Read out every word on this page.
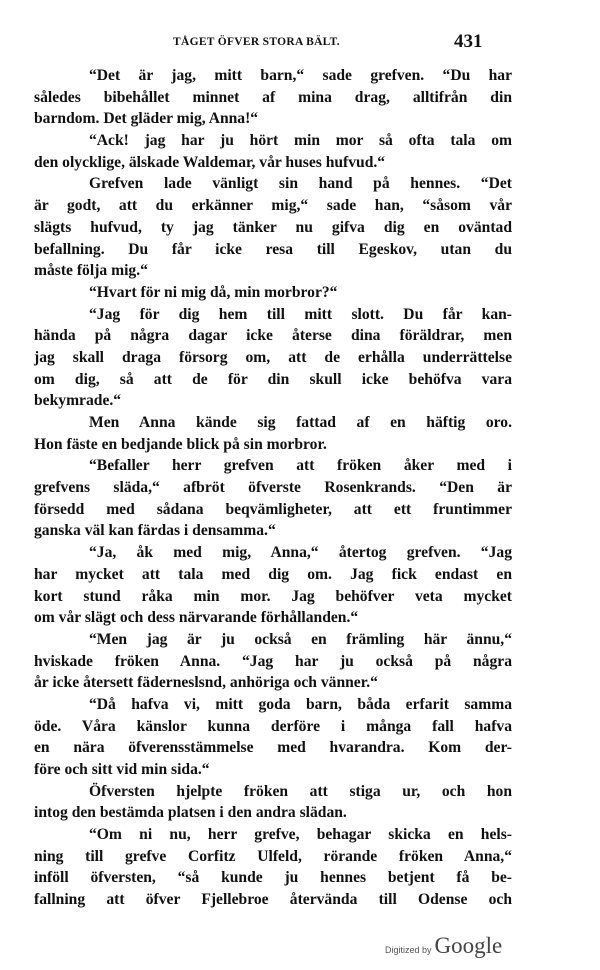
TÅGET ÖFVER STORA BÄLT.	431
“Det är jag, mitt barn,“ sade grefven. “Du har
således bibehållet minnet af mina drag, alltifrån din
barndom. Det gläder mig, Anna!“
“Ack! jag har ju hört min mor så ofta tala om
den olycklige, älskade Waldemar, vår huses hufvud.“
Grefven lade vänligt sin hand på hennes. “Det
är godt, att du erkänner mig,“ sade han, “såsom vår
slägts hufvud, ty jag tänker nu gifva dig en oväntad
befallning. Du får icke resa till Egeskov, utan du
måste följa mig.“
“Hvart för ni mig då, min morbror?“
“Jag för dig hem till mitt slott. Du får kan-
hända på några dagar icke återse dina föräldrar, men
jag skall draga försorg om, att de erhålla underrättelse
om dig, så att de för din skull icke behöfva vara
bekymrade.“
Men Anna kände sig fattad af en häftig oro.
Hon fäste en bedjande blick på sin morbror.
“Befaller herr grefven att fröken åker med i
grefvens släda,“ afbröt öfverste Rosenkrands. “Den är
försedd med sådana beqvämligheter, att ett fruntimmer
ganska väl kan färdas i densamma.“
“Ja, åk med mig, Anna,“ återtog grefven. “Jag
har mycket att tala med dig om. Jag fick endast en
kort stund råka min mor. Jag behöfver veta mycket
om vår slägt och dess närvarande förhållanden.“
“Men jag är ju också en främling här ännu,“
hviskade fröken Anna. “Jag har ju också på några
år icke återsett fäderneslsnd, anhöriga och vänner.“
“Då hafva vi, mitt goda barn, båda erfarit samma
öde. Våra känslor kunna derföre i många fall hafva
en nära öfverensstämmelse med hvarandra. Kom der-
före och sitt vid min sida.“
Öfversten hjelpte fröken att stiga ur, och hon
intog den bestämda platsen i den andra slädan.
“Om ni nu, herr grefve, behagar skicka en hels-
ning till grefve Corfitz Ulfeld, rörande fröken Anna,“
inföll öfversten, “så kunde ju hennes betjent få be-
fallning att öfver Fjellebroe återvända till Odense och
Digitized by Google
